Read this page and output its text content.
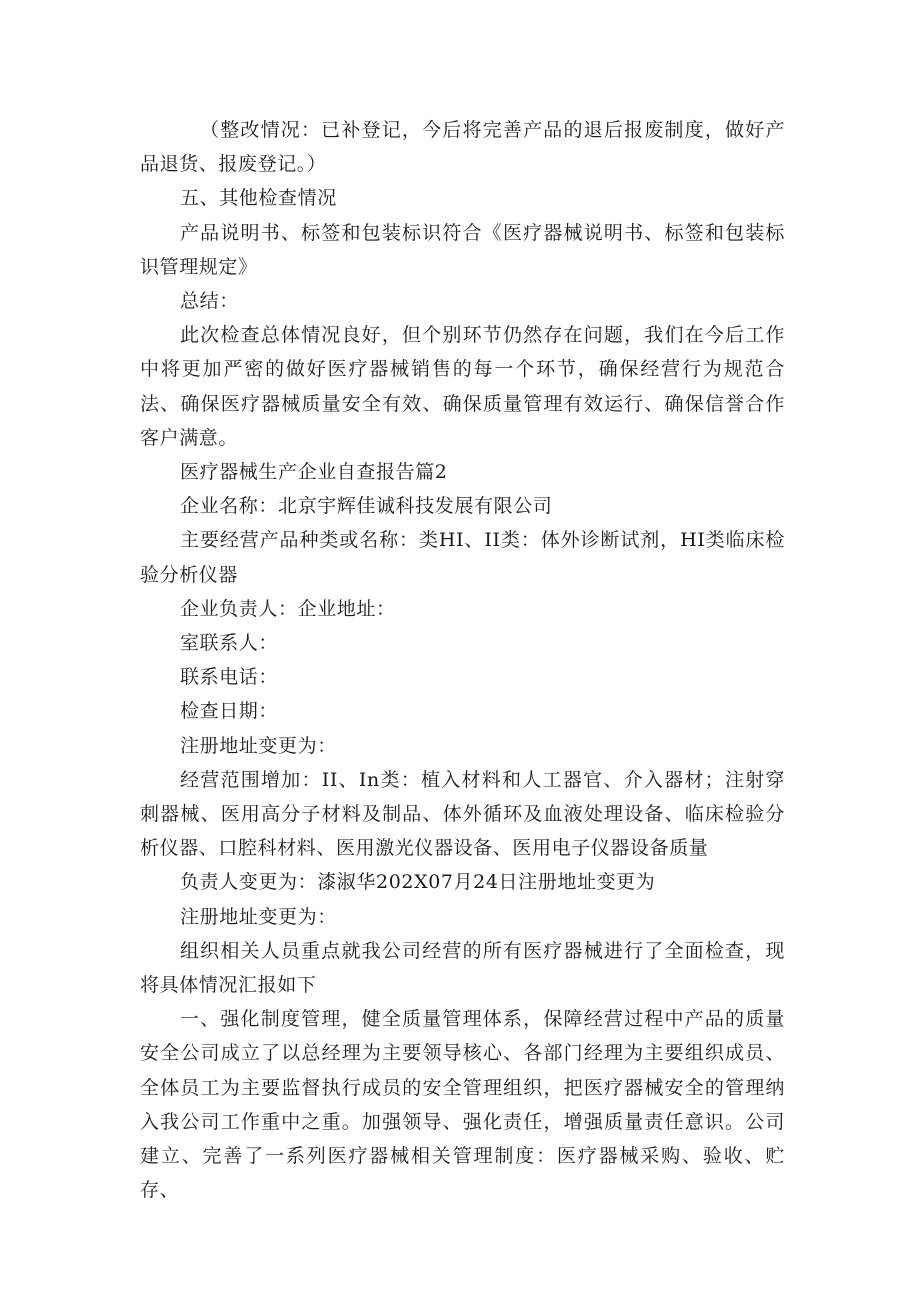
（整改情况：已补登记，今后将完善产品的退后报废制度，做好产品退货、报废登记。）

五、其他检查情况

产品说明书、标签和包装标识符合《医疗器械说明书、标签和包装标识管理规定》

总结：

此次检查总体情况良好，但个别环节仍然存在问题，我们在今后工作中将更加严密的做好医疗器械销售的每一个环节，确保经营行为规范合法、确保医疗器械质量安全有效、确保质量管理有效运行、确保信誉合作客户满意。

医疗器械生产企业自查报告篇2

企业名称：北京宇辉佳诚科技发展有限公司

主要经营产品种类或名称：类HI、II类：体外诊断试剂，HI类临床检验分析仪器

企业负责人：企业地址：

室联系人：

联系电话：

检查日期：

注册地址变更为：

经营范围增加：II、In类：植入材料和人工器官、介入器材；注射穿刺器械、医用高分子材料及制品、体外循环及血液处理设备、临床检验分析仪器、口腔科材料、医用激光仪器设备、医用电子仪器设备质量

负责人变更为：漆淑华202X07月24日注册地址变更为

注册地址变更为：

组织相关人员重点就我公司经营的所有医疗器械进行了全面检查，现将具体情况汇报如下

一、强化制度管理，健全质量管理体系，保障经营过程中产品的质量安全公司成立了以总经理为主要领导核心、各部门经理为主要组织成员、全体员工为主要监督执行成员的安全管理组织，把医疗器械安全的管理纳入我公司工作重中之重。加强领导、强化责任，增强质量责任意识。公司建立、完善了一系列医疗器械相关管理制度：医疗器械采购、验收、贮存、
